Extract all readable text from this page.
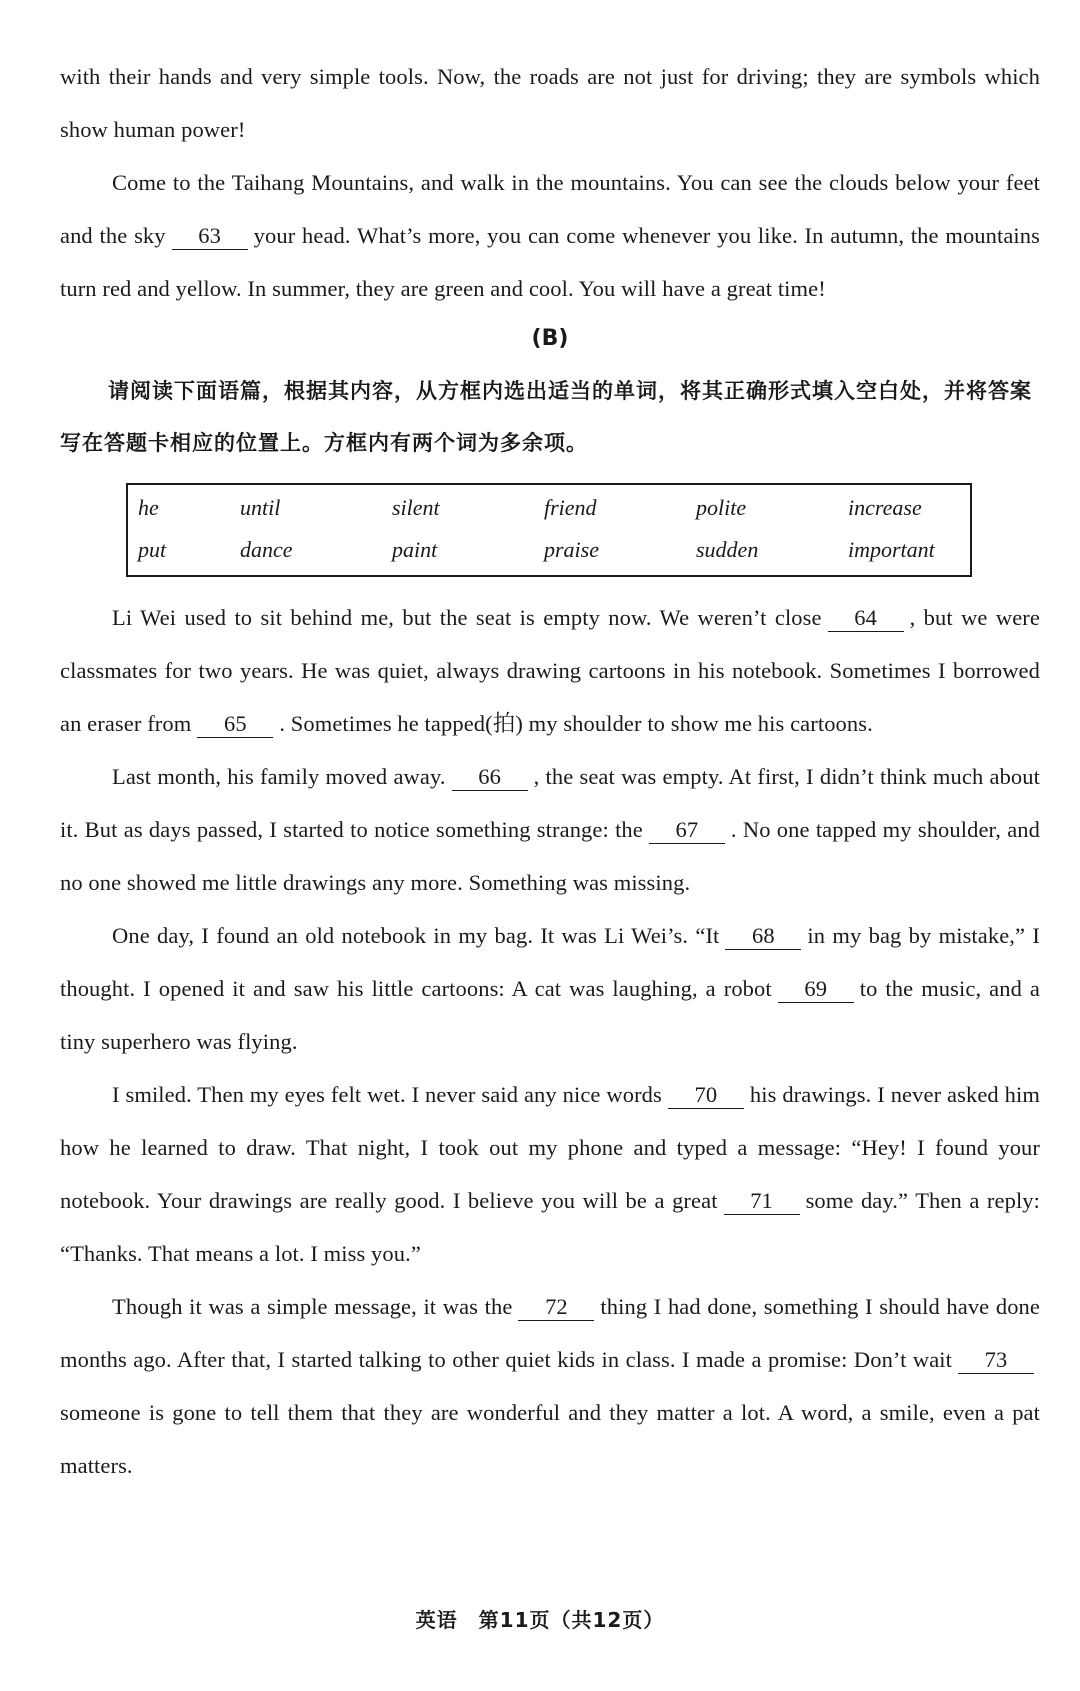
with their hands and very simple tools. Now, the roads are not just for driving; they are symbols which show human power!

Come to the Taihang Mountains, and walk in the mountains. You can see the clouds below your feet and the sky 63 your head. What’s more, you can come whenever you like. In autumn, the mountains turn red and yellow. In summer, they are green and cool. You will have a great time!

(B)

请阅读下面语篇，根据其内容，从方框内选出适当的单词，将其正确形式填入空白处，并将答案写在答题卡相应的位置上。方框内有两个词为多余项。

he	until	silent	friend	polite	increase
put	dance	paint	praise	sudden	important

Li Wei used to sit behind me, but the seat is empty now. We weren’t close 64 , but we were classmates for two years. He was quiet, always drawing cartoons in his notebook. Sometimes I borrowed an eraser from 65 . Sometimes he tapped(拍) my shoulder to show me his cartoons.

Last month, his family moved away. 66 , the seat was empty. At first, I didn’t think much about it. But as days passed, I started to notice something strange: the 67 . No one tapped my shoulder, and no one showed me little drawings any more. Something was missing.

One day, I found an old notebook in my bag. It was Li Wei’s. “It 68 in my bag by mistake,” I thought. I opened it and saw his little cartoons: A cat was laughing, a robot 69 to the music, and a tiny superhero was flying.

I smiled. Then my eyes felt wet. I never said any nice words 70 his drawings. I never asked him how he learned to draw. That night, I took out my phone and typed a message: “Hey! I found your notebook. Your drawings are really good. I believe you will be a great 71 some day.” Then a reply: “Thanks. That means a lot. I miss you.”

Though it was a simple message, it was the 72 thing I had done, something I should have done months ago. After that, I started talking to other quiet kids in class. I made a promise: Don’t wait 73someone is gone to tell them that they are wonderful and they matter a lot. A word, a smile, even a pat matters.

英语　第11页（共12页）
